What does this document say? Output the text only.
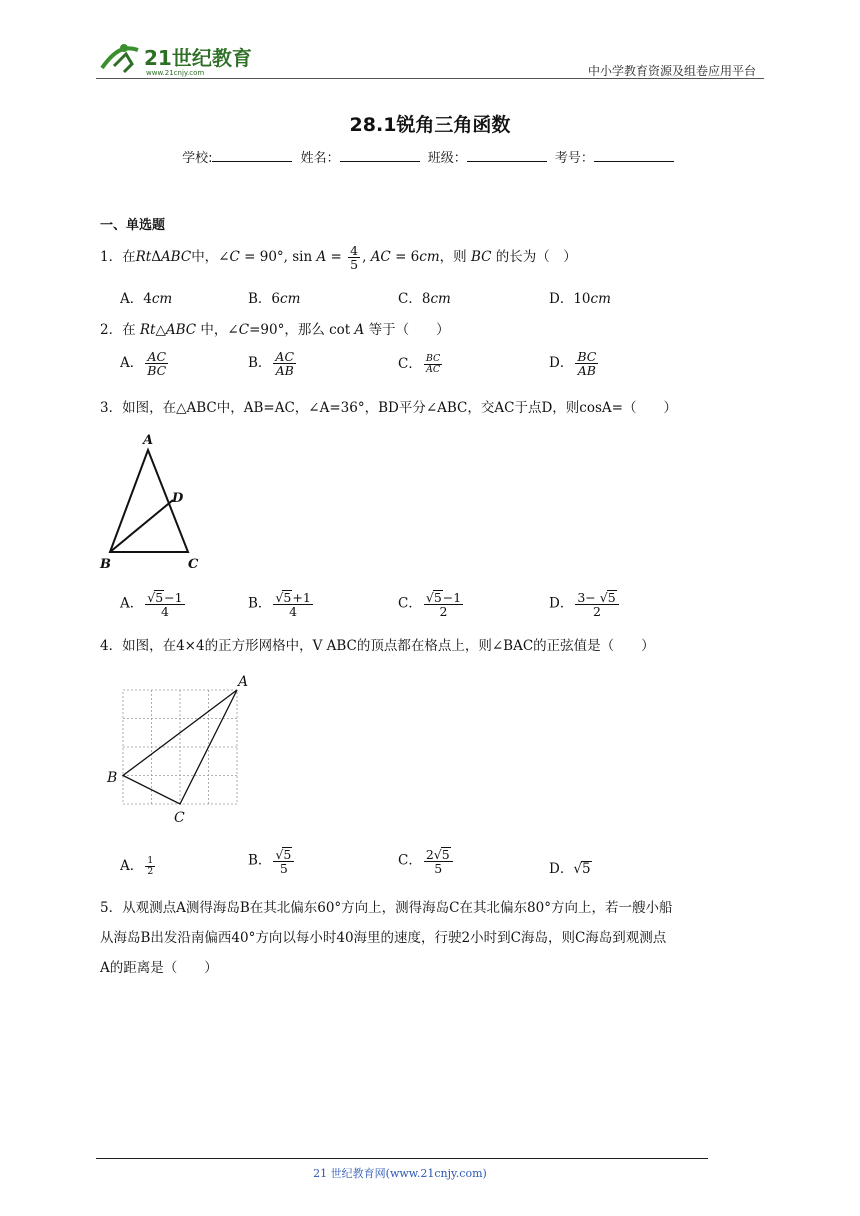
21世纪教育
www.21cnjy.com	中小学教育资源及组卷应用平台
28.1锐角三角函数
学校:	姓名：	班级：	考号：
一、单选题
1．在RtΔABC中，∠C = 90°, $\sin A = \frac{4}{5}$ , AC = 6cm，则 BC 的长为（　）
A．4cm	B．6cm	C．8cm	D．10cm
2．在 Rt△ABC 中，∠C=90°，那么 cot A 等于（　　）
A． $\frac{AC}{BC}$	B． $\frac{AC}{AB}$	C． $\frac{BC}{AC}$	D． $\frac{BC}{AB}$
3．如图，在△ABC中，AB=AC，∠A=36°，BD平分∠ABC，交AC于点D，则cosA=（　　）
A
B	C
D
A． $\frac{√5-1}{4}$	B． $\frac{√5+1}{4}$	C． $\frac{√5-1}{2}$	D． $\frac{3- √5}{2}$
4．如图，在4×4的正方形网格中，V ABC的顶点都在格点上，则∠BAC的正弦值是（　　）
A
B
C
A． $\frac{1}{2}$	B． $\frac{√5}{5}$	C． $\frac{2√5}{5}$	D．√5
5．从观测点A测得海岛B在其北偏东60°方向上，测得海岛C在其北偏东80°方向上，若一艘小船
从海岛B出发沿南偏西40°方向以每小时40海里的速度，行驶2小时到C海岛，则C海岛到观测点
A的距离是（　　）
21 世纪教育网(www.21cnjy.com)
